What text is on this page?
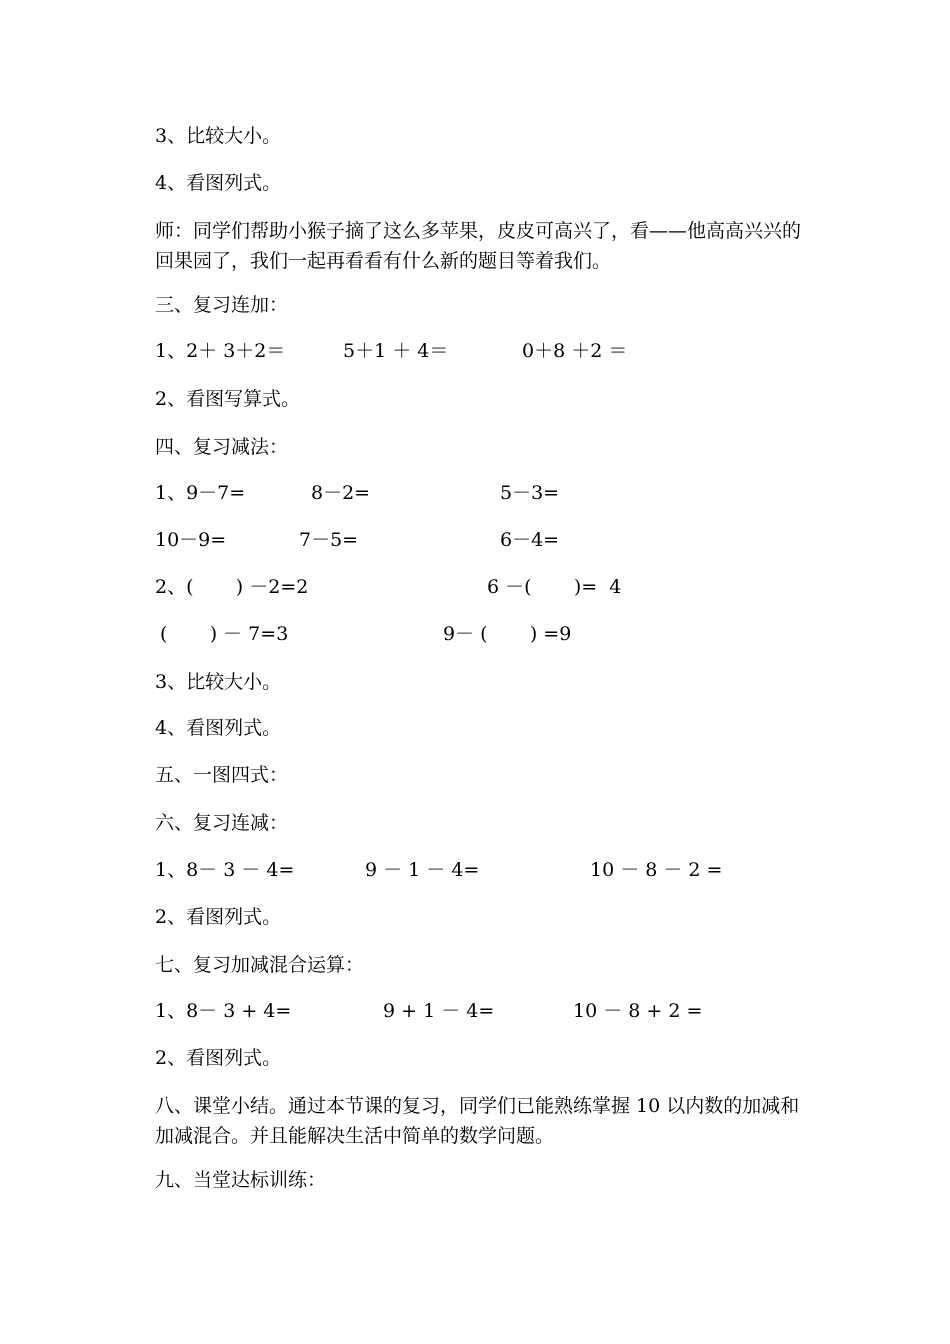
3、比较大小。
4、看图列式。
师：同学们帮助小猴子摘了这么多苹果，皮皮可高兴了，看——他高高兴兴的回果园了，我们一起再看看有什么新的题目等着我们。
三、复习连加：
1、2＋ 3＋2＝	5＋1 ＋ 4＝	0＋8 ＋2 ＝
2、看图写算式。
四、复习减法：
1、9－7=	8－2=	5－3=
10－9=	7－5=	6－4=
2、(       ) －2=2	6 －(       )=  4
(       ) － 7=3	9－ (       ) =9
3、比较大小。
4、看图列式。
五、一图四式：
六、复习连减：
1、8－ 3 － 4=	9 － 1 － 4=	10 － 8 － 2 =
2、看图列式。
七、复习加减混合运算：
1、8－ 3 + 4=	9 + 1 － 4=	10 － 8 + 2 =
2、看图列式。
八、课堂小结。通过本节课的复习，同学们已能熟练掌握 10 以内数的加减和加减混合。并且能解决生活中简单的数学问题。
九、当堂达标训练：
